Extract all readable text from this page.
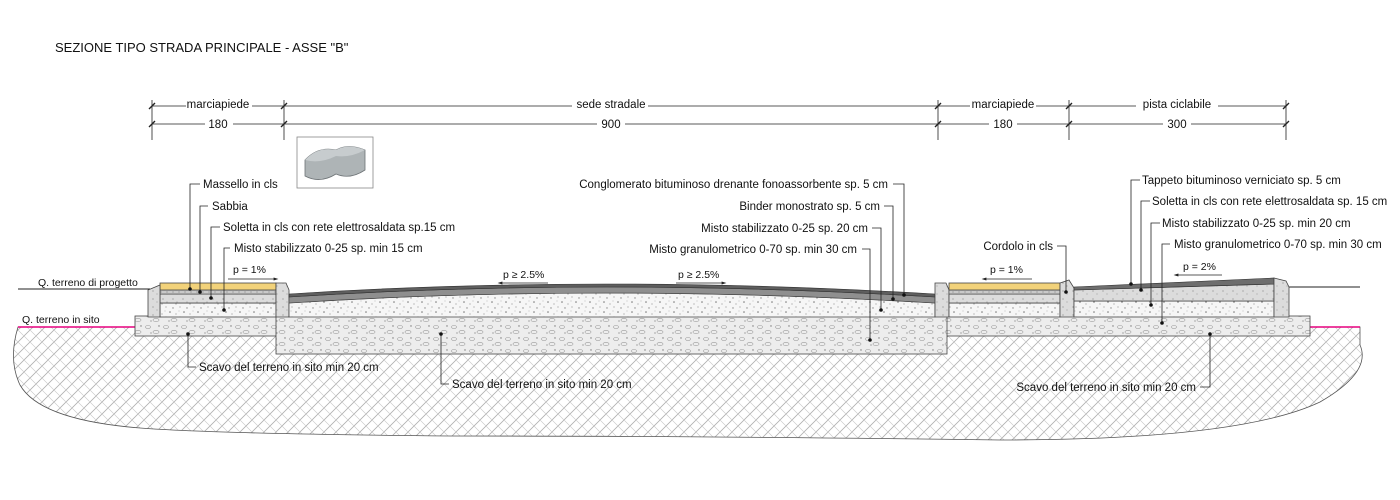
SEZIONE TIPO STRADA PRINCIPALE - ASSE "B"
marciapiede
180
sede stradale
900
marciapiede
180
pista ciclabile
300
Q. terreno di progetto
Q. terreno in sito
p = 1%	p ≥ 2.5%	p ≥ 2.5%	p = 1%	p = 2%
Massello in cls
Sabbia
Soletta in cls con rete elettrosaldata sp.15 cm
Misto stabilizzato 0-25 sp. min 15 cm
Conglomerato bituminoso drenante fonoassorbente sp. 5 cm
Binder monostrato sp. 5 cm
Misto stabilizzato 0-25 sp. 20 cm
Misto granulometrico 0-70 sp. min 30 cm	Cordolo in cls
Tappeto bituminoso verniciato sp. 5 cm
Soletta in cls con rete elettrosaldata sp. 15 cm
Misto stabilizzato 0-25 sp. min 20 cm
Misto granulometrico 0-70 sp. min 30 cm
Scavo del terreno in sito min 20 cm
Scavo del terreno in sito min 20 cm	Scavo del terreno in sito min 20 cm
